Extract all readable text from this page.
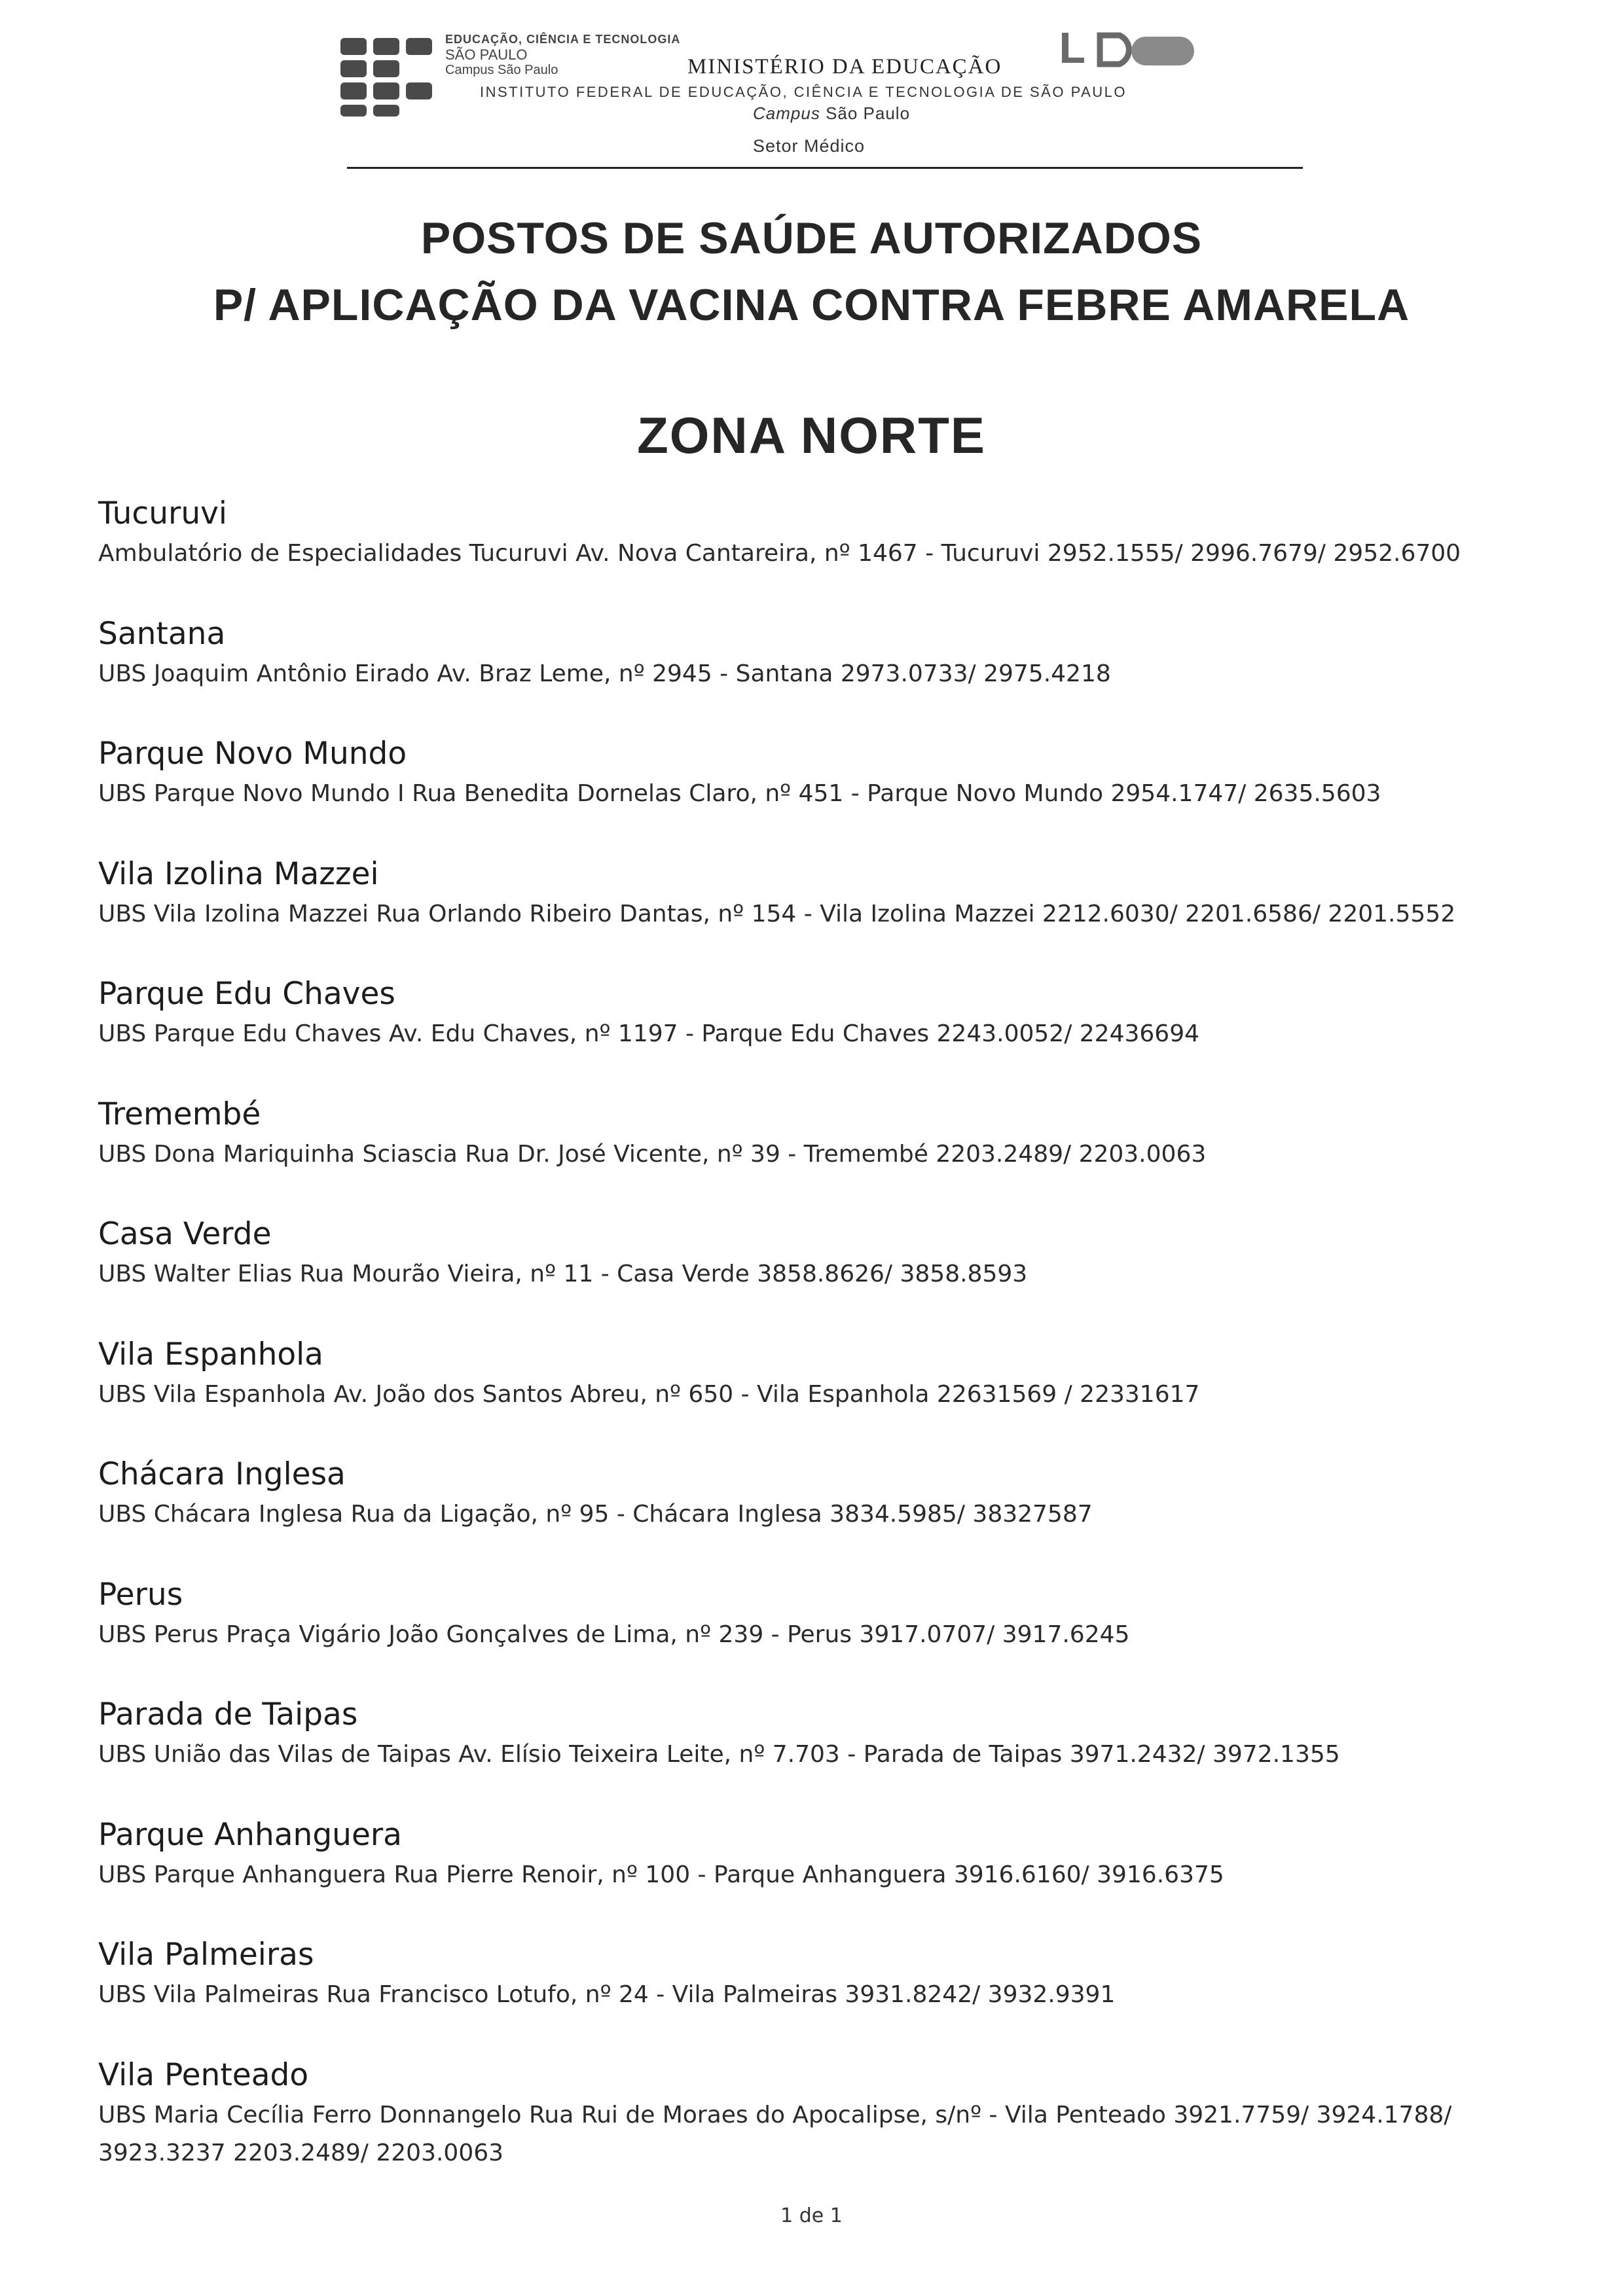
EDUCAÇÃO, CIÊNCIA E TECNOLOGIA
SÃO PAULO
Campus São Paulo	MINISTÉRIO DA EDUCAÇÃO
INSTITUTO FEDERAL DE EDUCAÇÃO, CIÊNCIA E TECNOLOGIA DE SÃO PAULO
Campus São Paulo
Setor Médico
POSTOS DE SAÚDE AUTORIZADOS
P/ APLICAÇÃO DA VACINA CONTRA FEBRE AMARELA
ZONA NORTE
Tucuruvi
Ambulatório de Especialidades Tucuruvi Av. Nova Cantareira, nº 1467 - Tucuruvi 2952.1555/ 2996.7679/ 2952.6700
Santana
UBS Joaquim Antônio Eirado Av. Braz Leme, nº 2945 - Santana 2973.0733/ 2975.4218
Parque Novo Mundo
UBS Parque Novo Mundo I Rua Benedita Dornelas Claro, nº 451 - Parque Novo Mundo 2954.1747/ 2635.5603
Vila Izolina Mazzei
UBS Vila Izolina Mazzei Rua Orlando Ribeiro Dantas, nº 154 - Vila Izolina Mazzei 2212.6030/ 2201.6586/ 2201.5552
Parque Edu Chaves
UBS Parque Edu Chaves Av. Edu Chaves, nº 1197 - Parque Edu Chaves 2243.0052/ 22436694
Tremembé
UBS Dona Mariquinha Sciascia Rua Dr. José Vicente, nº 39 - Tremembé 2203.2489/ 2203.0063
Casa Verde
UBS Walter Elias Rua Mourão Vieira, nº 11 - Casa Verde 3858.8626/ 3858.8593
Vila Espanhola
UBS Vila Espanhola Av. João dos Santos Abreu, nº 650 - Vila Espanhola 22631569 / 22331617
Chácara Inglesa
UBS Chácara Inglesa Rua da Ligação, nº 95 - Chácara Inglesa 3834.5985/ 38327587
Perus
UBS Perus Praça Vigário João Gonçalves de Lima, nº 239 - Perus 3917.0707/ 3917.6245
Parada de Taipas
UBS União das Vilas de Taipas Av. Elísio Teixeira Leite, nº 7.703 - Parada de Taipas 3971.2432/ 3972.1355
Parque Anhanguera
UBS Parque Anhanguera Rua Pierre Renoir, nº 100 - Parque Anhanguera 3916.6160/ 3916.6375
Vila Palmeiras
UBS Vila Palmeiras Rua Francisco Lotufo, nº 24 - Vila Palmeiras 3931.8242/ 3932.9391
Vila Penteado
UBS Maria Cecília Ferro Donnangelo Rua Rui de Moraes do Apocalipse, s/nº - Vila Penteado 3921.7759/ 3924.1788/ 3923.3237 2203.2489/ 2203.0063
1 de 1
